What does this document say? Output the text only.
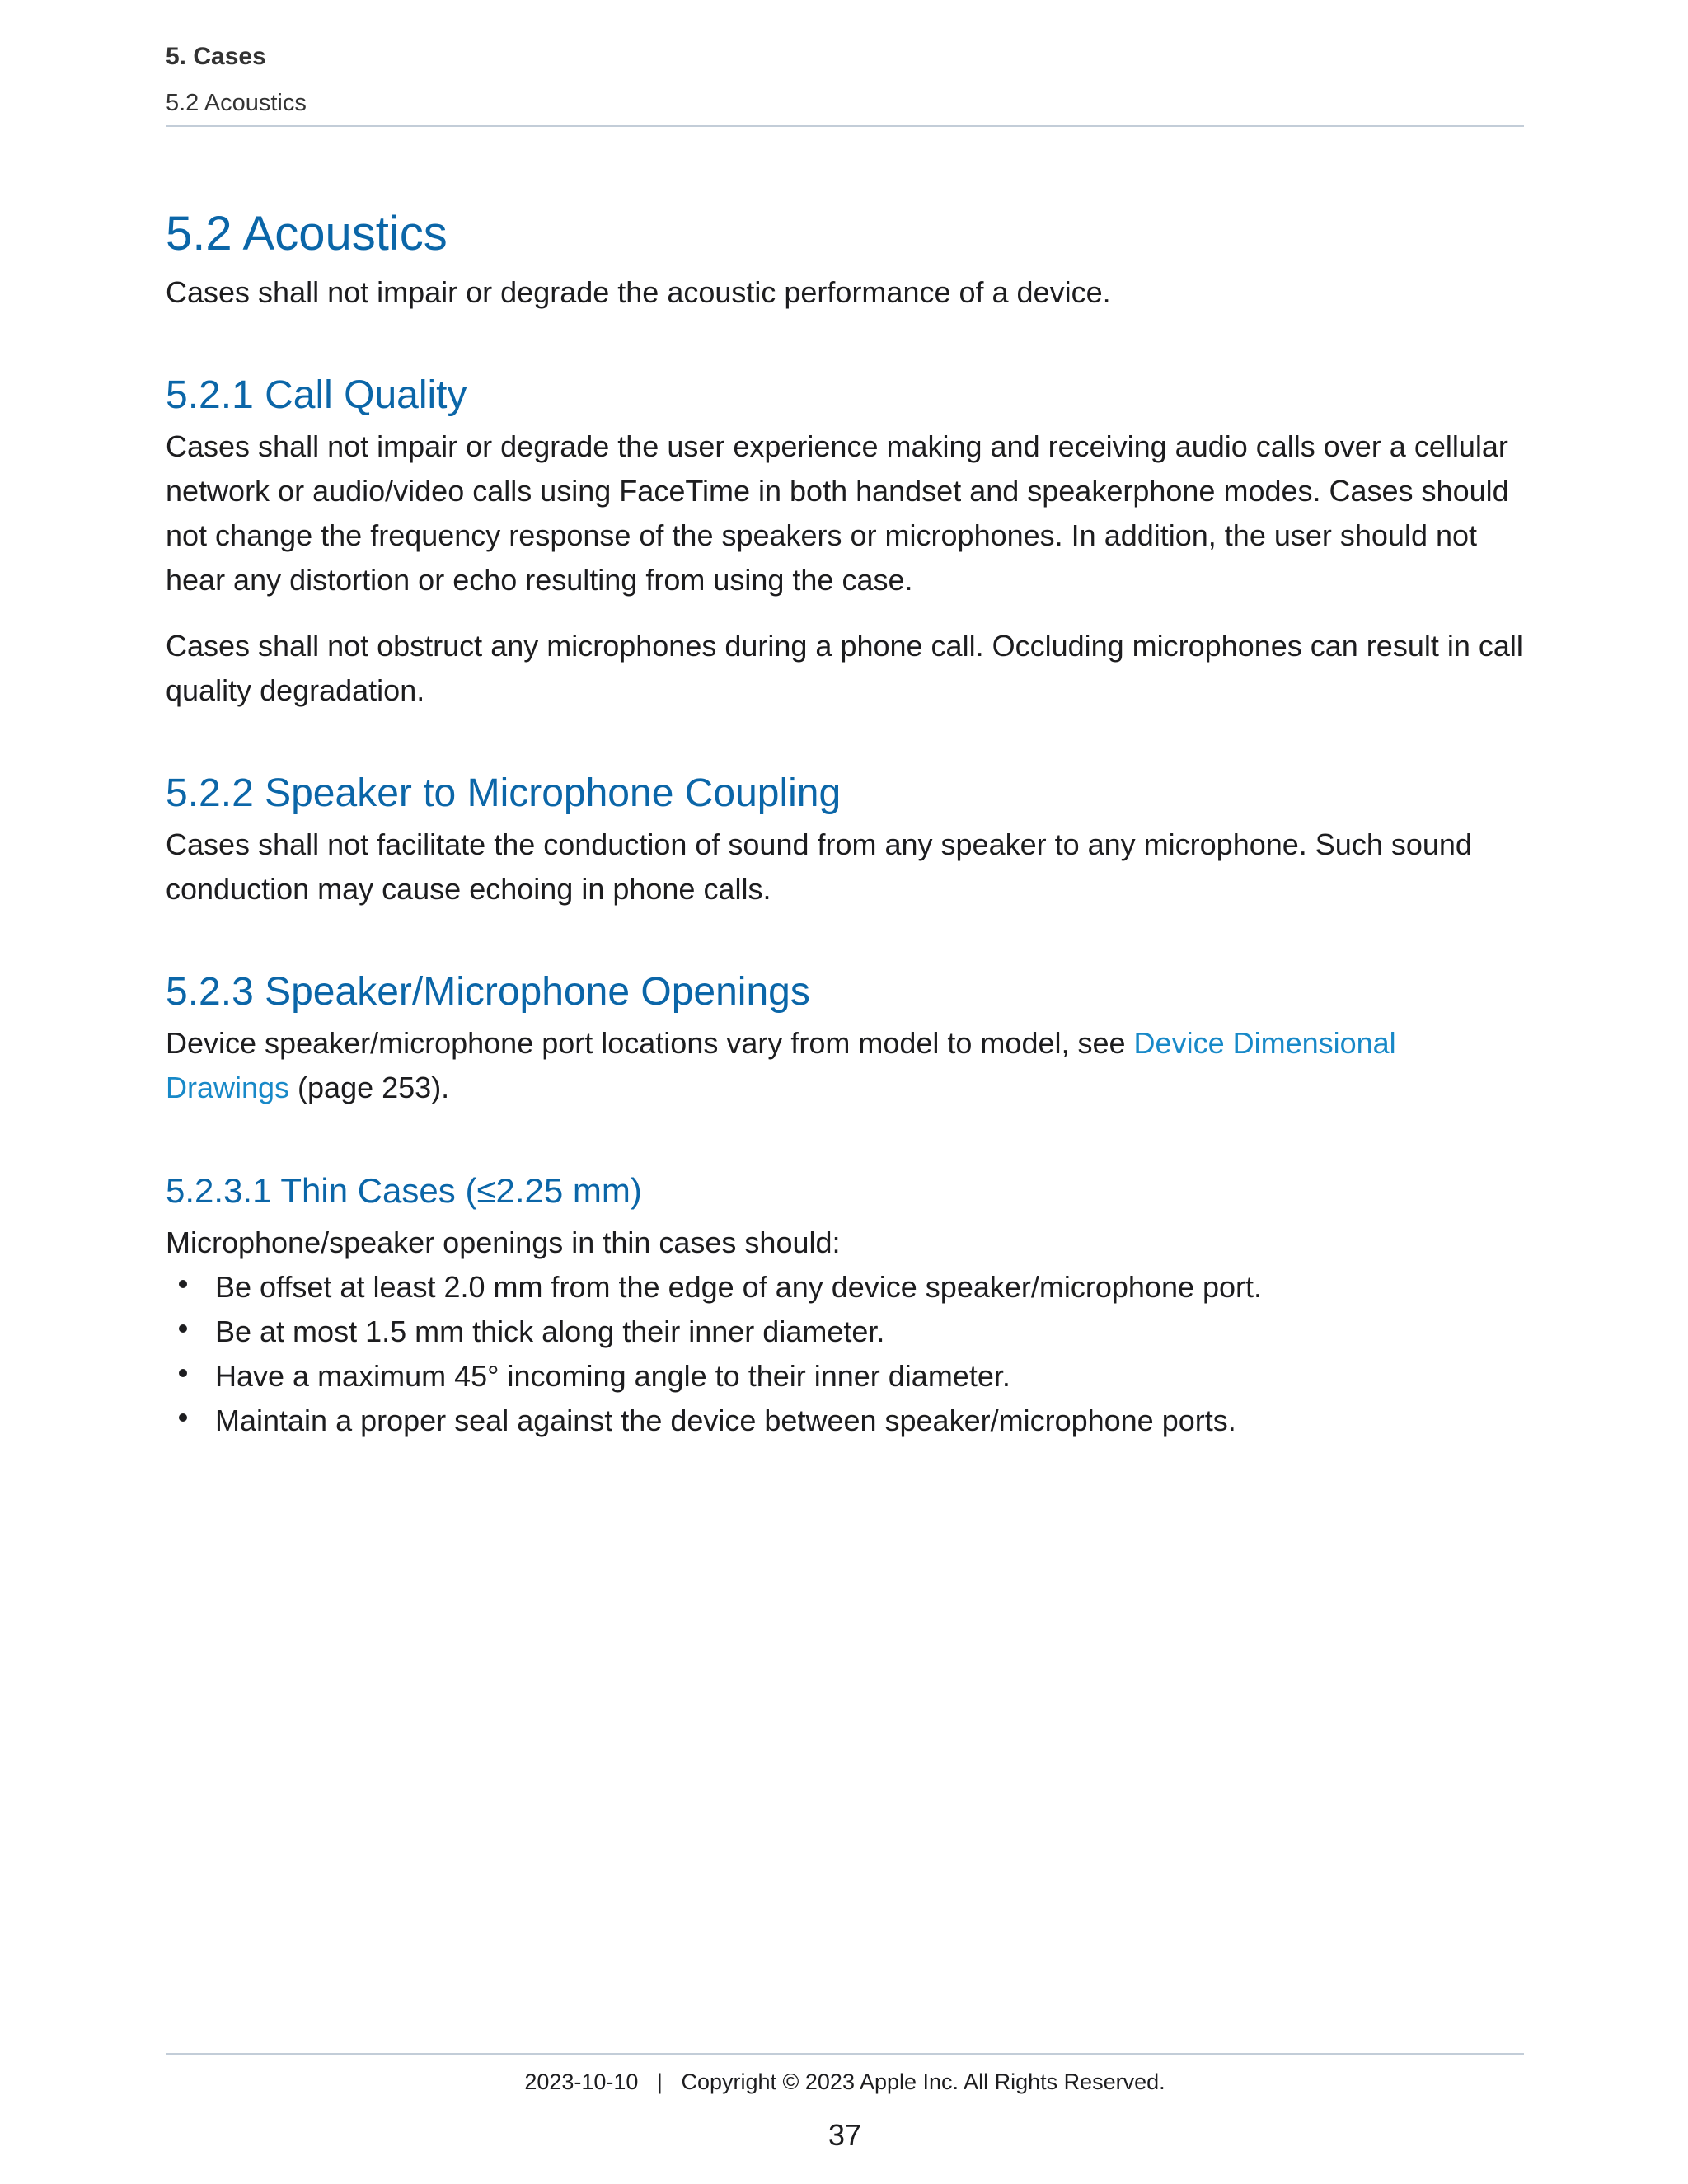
5. Cases
5.2 Acoustics
5.2 Acoustics

Cases shall not impair or degrade the acoustic performance of a device.

5.2.1 Call Quality

Cases shall not impair or degrade the user experience making and receiving audio calls over a cellular network or audio/video calls using FaceTime in both handset and speakerphone modes. Cases should not change the frequency response of the speakers or microphones. In addition, the user should not hear any distortion or echo resulting from using the case.

Cases shall not obstruct any microphones during a phone call. Occluding microphones can result in call quality degradation.

5.2.2 Speaker to Microphone Coupling

Cases shall not facilitate the conduction of sound from any speaker to any microphone. Such sound conduction may cause echoing in phone calls.

5.2.3 Speaker/Microphone Openings

Device speaker/microphone port locations vary from model to model, see Device Dimensional Drawings (page 253).

5.2.3.1 Thin Cases (≤2.25 mm)

Microphone/speaker openings in thin cases should:

Be offset at least 2.0 mm from the edge of any device speaker/microphone port.
Be at most 1.5 mm thick along their inner diameter.
Have a maximum 45° incoming angle to their inner diameter.
Maintain a proper seal against the device between speaker/microphone ports.
2023-10-10   |   Copyright © 2023 Apple Inc. All Rights Reserved.
37
